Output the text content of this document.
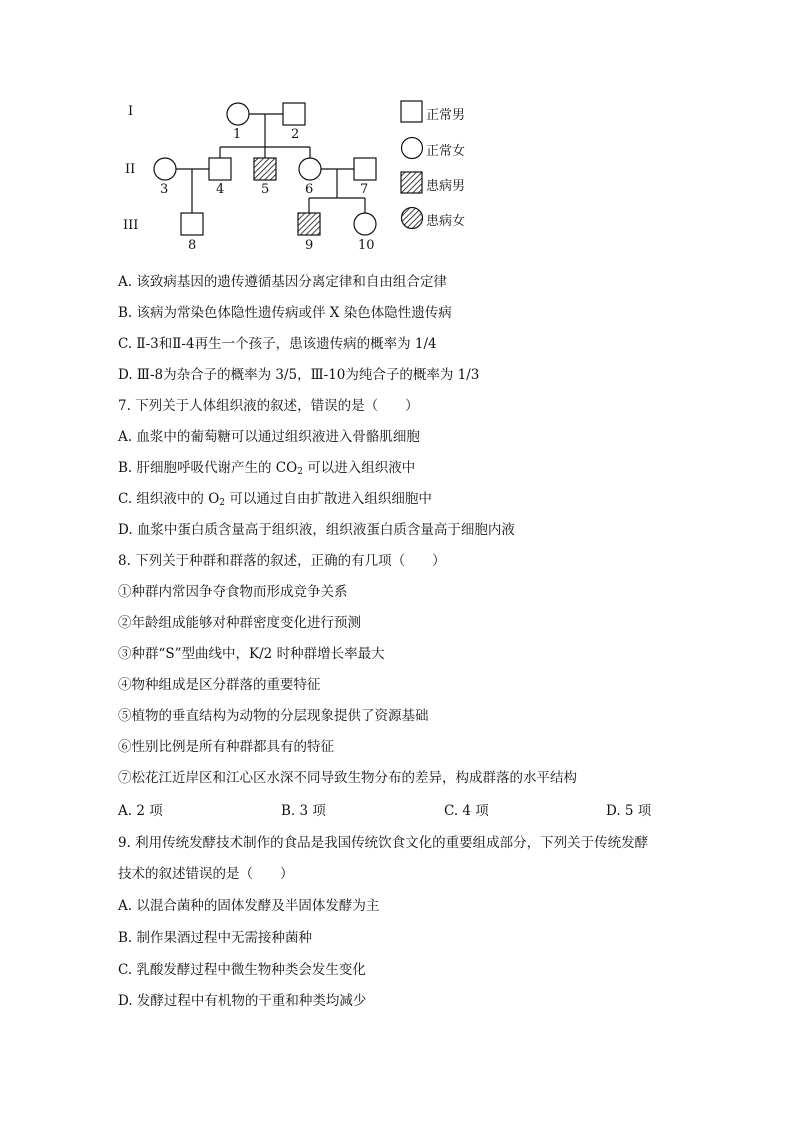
I
II
III
1	2
3	4	5	6	7
8	9	10
正常男
正常女
患病男
患病女
A. 该致病基因的遗传遵循基因分离定律和自由组合定律
B. 该病为常染色体隐性遗传病或伴 X 染色体隐性遗传病
C. Ⅱ-3和Ⅱ-4再生一个孩子，患该遗传病的概率为 1/4
D. Ⅲ-8为杂合子的概率为 3/5，Ⅲ-10为纯合子的概率为 1/3
7. 下列关于人体组织液的叙述，错误的是（　　）
A. 血浆中的葡萄糖可以通过组织液进入骨骼肌细胞
B. 肝细胞呼吸代谢产生的 $CO_2$ 可以进入组织液中
C. 组织液中的 $O_2$ 可以通过自由扩散进入组织细胞中
D. 血浆中蛋白质含量高于组织液，组织液蛋白质含量高于细胞内液
8. 下列关于种群和群落的叙述，正确的有几项（　　）
①种群内常因争夺食物而形成竞争关系
②年龄组成能够对种群密度变化进行预测
③种群“S”型曲线中，K/2 时种群增长率最大
④物种组成是区分群落的重要特征
⑤植物的垂直结构为动物的分层现象提供了资源基础
⑥性别比例是所有种群都具有的特征
⑦松花江近岸区和江心区水深不同导致生物分布的差异，构成群落的水平结构
A. 2 项	B. 3 项	C. 4 项	D. 5 项
9. 利用传统发酵技术制作的食品是我国传统饮食文化的重要组成部分，下列关于传统发酵
技术的叙述错误的是（　　）
A. 以混合菌种的固体发酵及半固体发酵为主
B. 制作果酒过程中无需接种菌种
C. 乳酸发酵过程中微生物种类会发生变化
D. 发酵过程中有机物的干重和种类均减少
